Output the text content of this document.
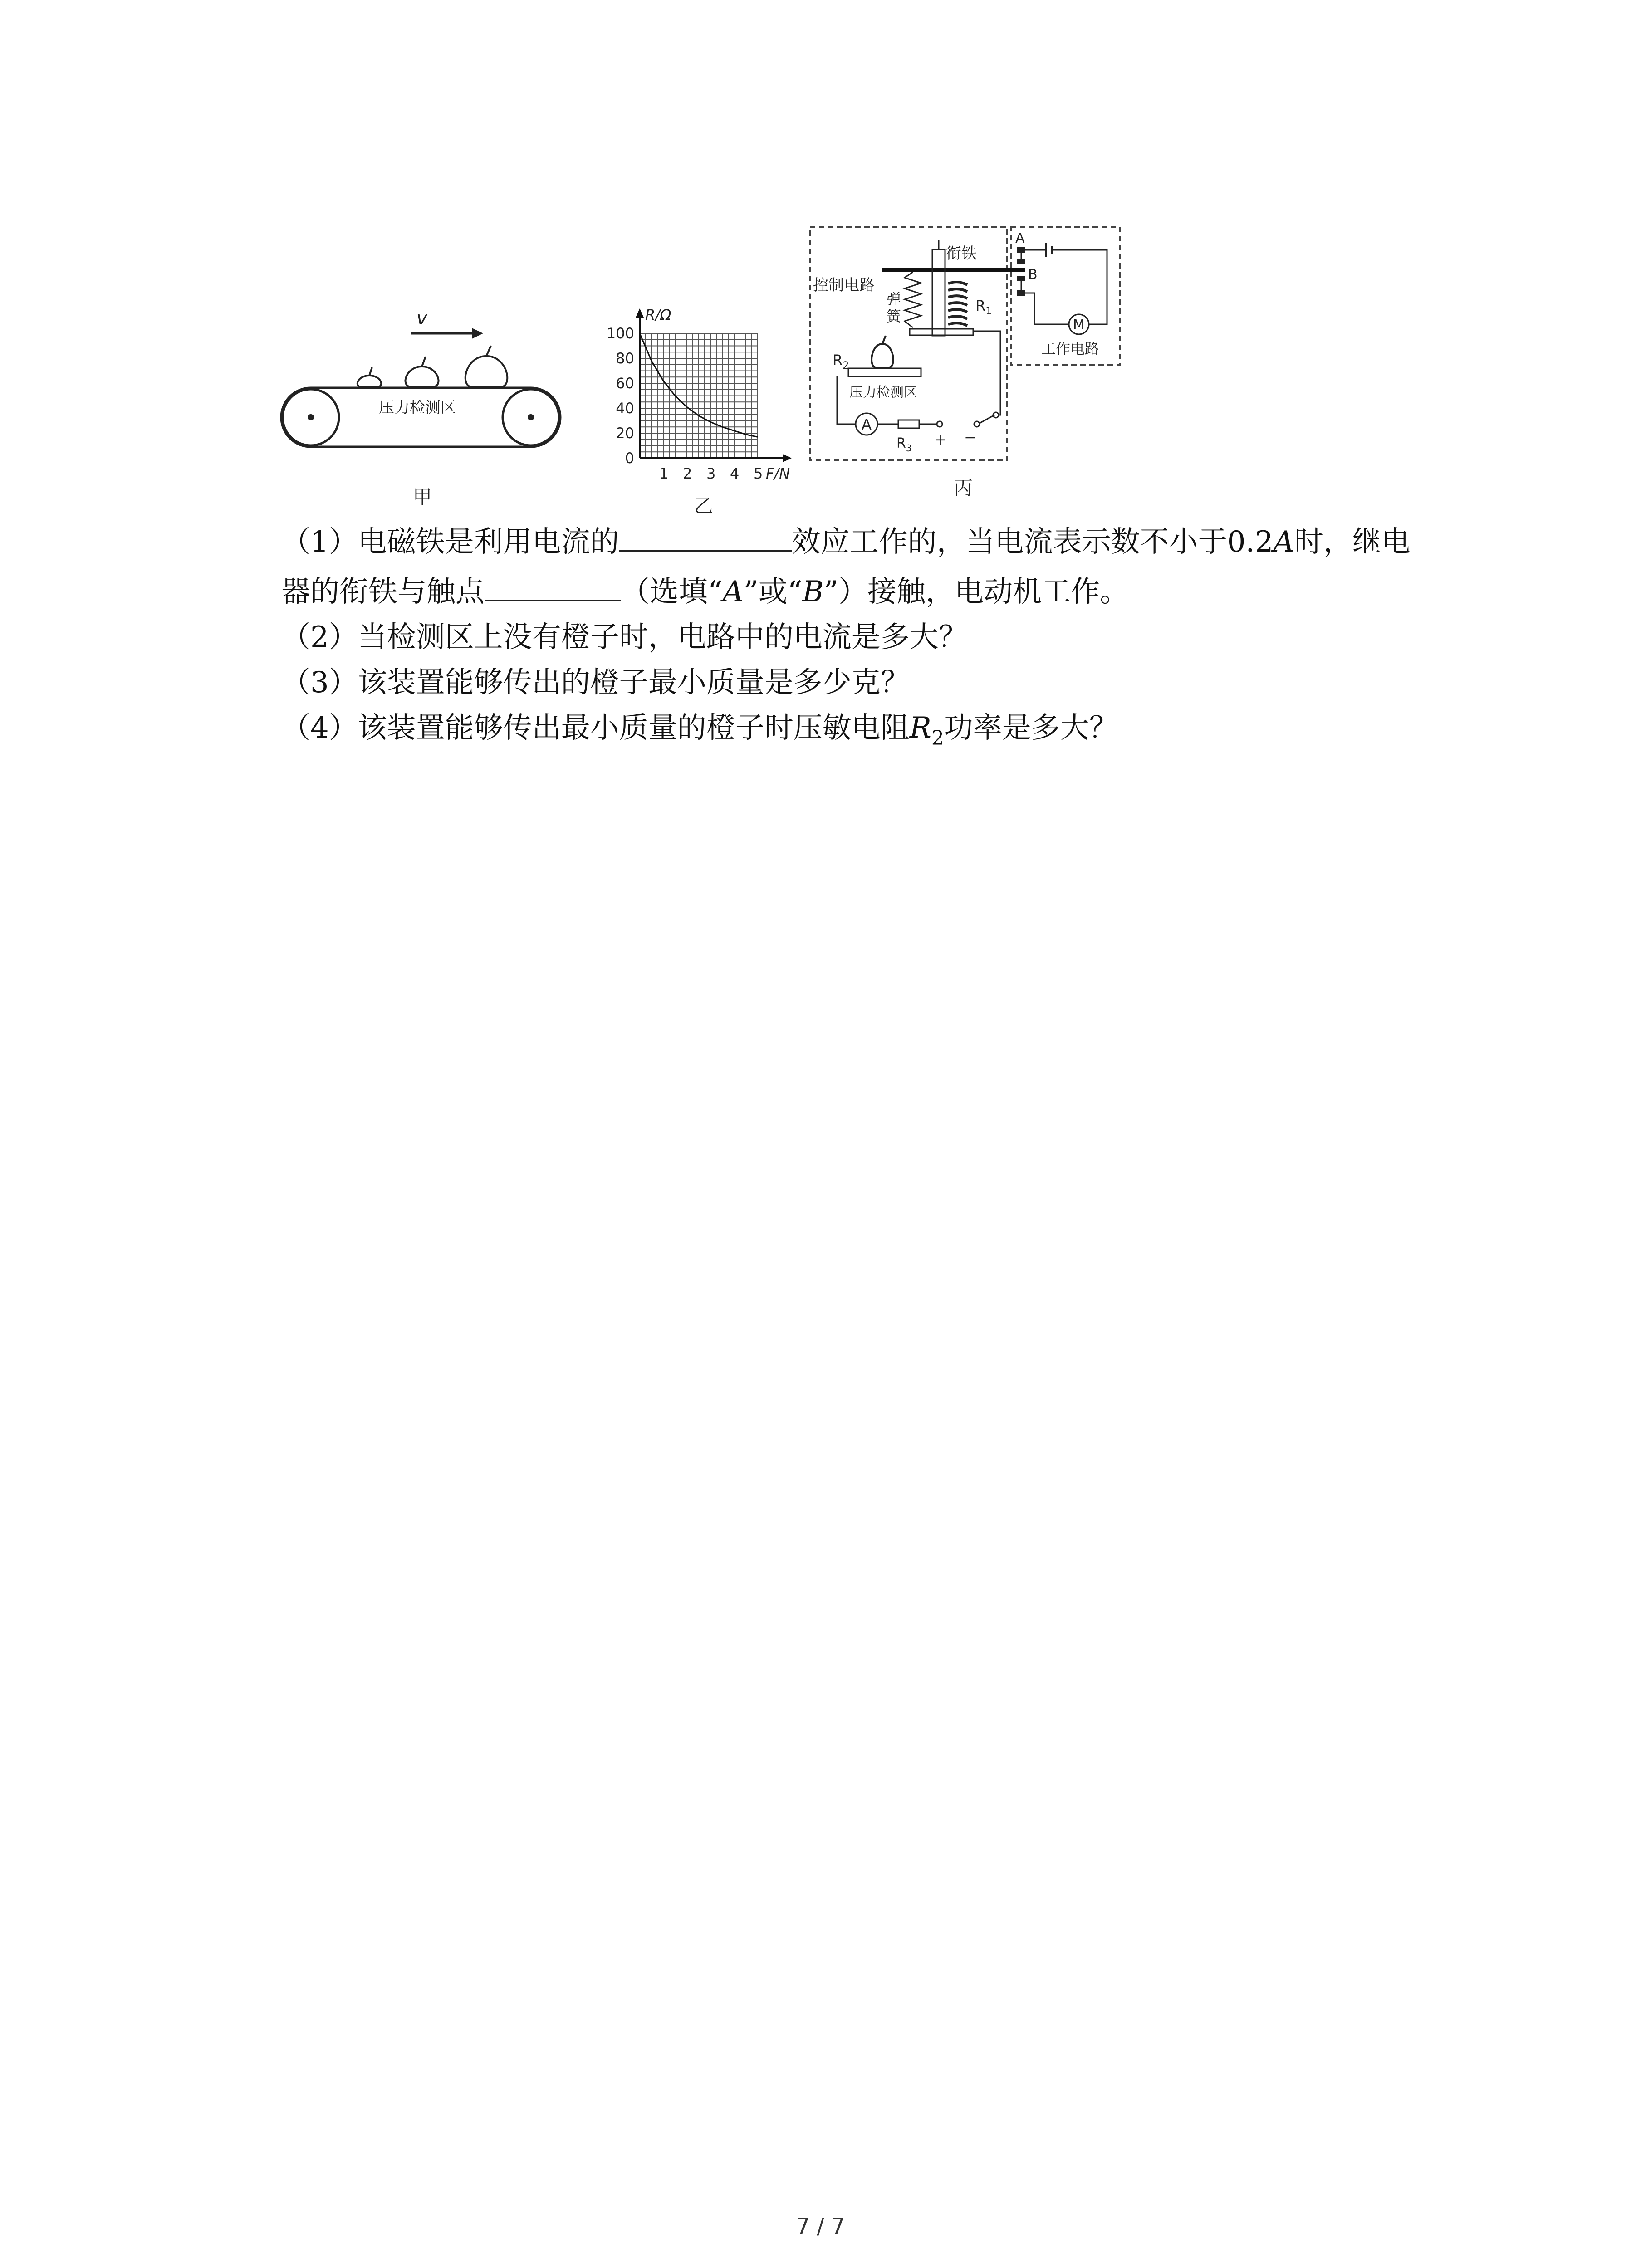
v
压力检测区
甲
1 2 3 4 5
0
20
40
60
80
100
F/N
R/Ω
乙
控制电路
衔铁
弹
簧
$R_1$
$R_2$
压力检测区
A
$R_3$ + −
A
B
M
工作电路
丙
（1）电磁铁是利用电流的	效应工作的，当电流表示数不小于0.2A时，继电
器的衔铁与触点	（选填“A”或“B”）接触，电动机工作。
（2）当检测区上没有橙子时，电路中的电流是多大？
（3）该装置能够传出的橙子最小质量是多少克？
（4）该装置能够传出最小质量的橙子时压敏电阻$R_2$功率是多大？
7 / 7
